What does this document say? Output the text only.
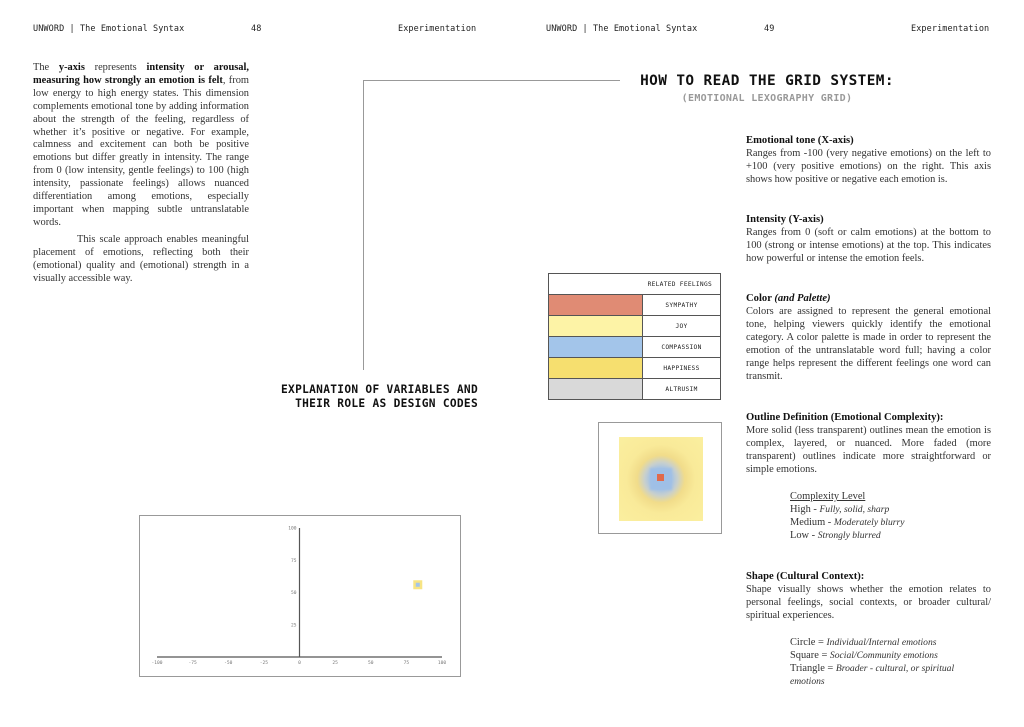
UNWORD | The Emotional Syntax	48	Experimentation	UNWORD | The Emotional Syntax	49	Experimentation
The y-axis represents intensity or arousal, measuring how strongly an emotion is felt, from low energy to high energy states. This dimension complements emotional tone by adding information about the strength of the feeling, regardless of whether it’s positive or negative. For example, calmness and excitement can both be positive emotions but differ greatly in intensity. The range from 0 (low intensity, gentle feelings) to 100 (high intensity, passionate feelings) allows nuanced differentiation among emotions, especially important when mapping subtle untranslatable words.
This scale approach enables meaningful placement of emotions, reflecting both their (emotional) quality and (emotional) strength in a visually accessible way.
HOW TO READ THE GRID SYSTEM:
(EMOTIONAL LEXOGRAPHY GRID)
EXPLANATION OF VARIABLES AND
THEIR ROLE AS DESIGN CODES
Emotional tone (X-axis)

Ranges from -100 (very negative emotions) on the left to +100 (very positive emotions) on the right. This axis shows how positive or negative each emotion is.

Intensity (Y-axis)

Ranges from 0 (soft or calm emotions) at the bottom to 100 (strong or intense emotions) at the top. This indicates how powerful or intense the emotion feels.

Color (and Palette)

Colors are assigned to represent the general emotional tone, helping viewers quickly identify the emotional category. A color palette is made in order to represent the emotion of the untranslatable word full; having a color range helps represent the different feelings one word can transmit.

Outline Definition (Emotional Complexity):

More solid (less transparent) outlines mean the emotion is complex, layered, or nuanced. More faded (more transparent) outlines indicate more straightforward or simple emotions.

Complexity Level
High - Fully, solid, sharp
Medium - Moderately blurry
Low - Strongly blurred
Shape (Cultural Context):

Shape visually shows whether the emotion relates to personal feelings, social contexts, or broader cultural/ spiritual experiences.

Circle = Individual/Internal emotions
Square = Social/Community emotions
Triangle = Broader - cultural, or spiritual emotions
RELATED FEELINGS	
	SYMPATHY
	JOY
	COMPASSION
	HAPPINESS
	ALTRUSIM
-100	-75	-50	-25	0	25	50	75	100
25
50
75
100
